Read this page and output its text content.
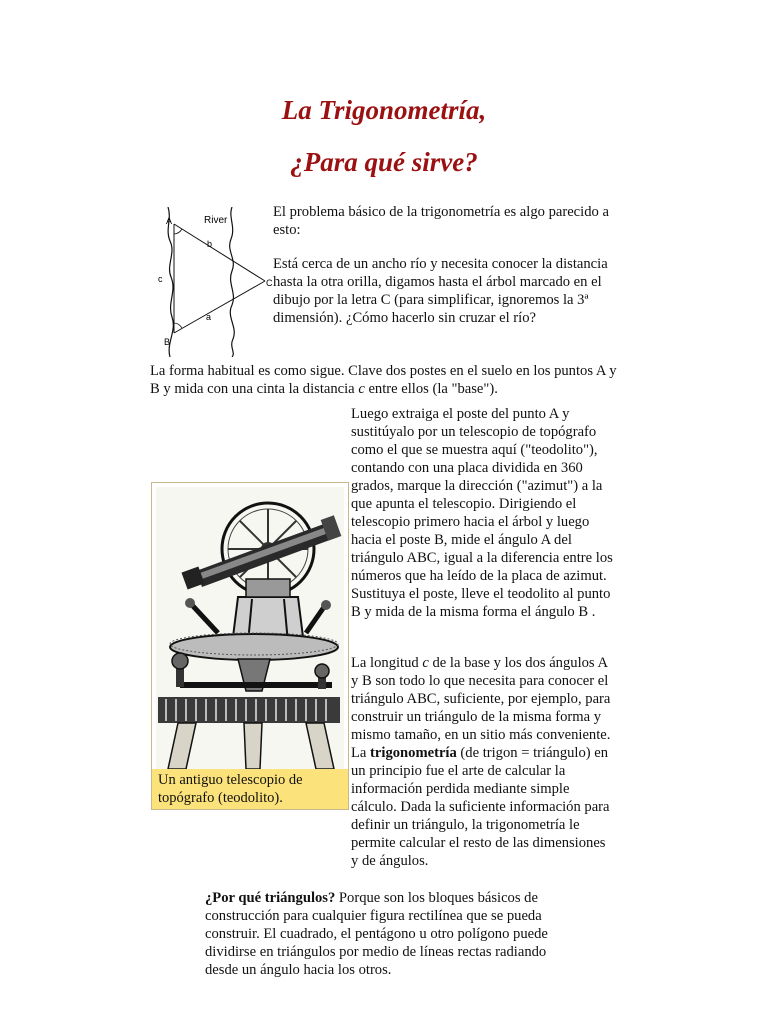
La Trigonometría,
¿Para qué sirve?
A
B
C
c
b
a
River

El problema básico de la trigonometría es algo parecido a esto:

Está cerca de un ancho río y necesita conocer la distancia hasta la otra orilla, digamos hasta el árbol marcado en el dibujo por la letra C (para simplificar, ignoremos la 3ª dimensión). ¿Cómo hacerlo sin cruzar el río?

La forma habitual es como sigue. Clave dos postes en el suelo en los puntos A y B y mida con una cinta la distancia c entre ellos (la "base").

Luego extraiga el poste del punto A y sustitúyalo por un telescopio de topógrafo como el que se muestra aquí ("teodolito"), contando con una placa dividida en 360 grados, marque la dirección ("azimut") a la que apunta el telescopio. Dirigiendo el telescopio primero hacia el árbol y luego hacia el poste B, mide el ángulo A del triángulo ABC, igual a la diferencia entre los números que ha leído de la placa de azimut. Sustituya el poste, lleve el teodolito al punto B y mida de la misma forma el ángulo B .

La longitud c de la base y los dos ángulos A y B son todo lo que necesita para conocer el triángulo ABC, suficiente, por ejemplo, para construir un triángulo de la misma forma y mismo tamaño, en un sitio más conveniente. La trigonometría (de trigon = triángulo) en un principio fue el arte de calcular la información perdida mediante simple cálculo. Dada la suficiente información para definir un triángulo, la trigonometría le permite calcular el resto de las dimensiones y de ángulos.

Un antiguo telescopio de topógrafo (teodolito).

¿Por qué triángulos? Porque son los bloques básicos de construcción para cualquier figura rectilínea que se pueda construir. El cuadrado, el pentágono u otro polígono puede dividirse en triángulos por medio de líneas rectas radiando desde un ángulo hacia los otros.
